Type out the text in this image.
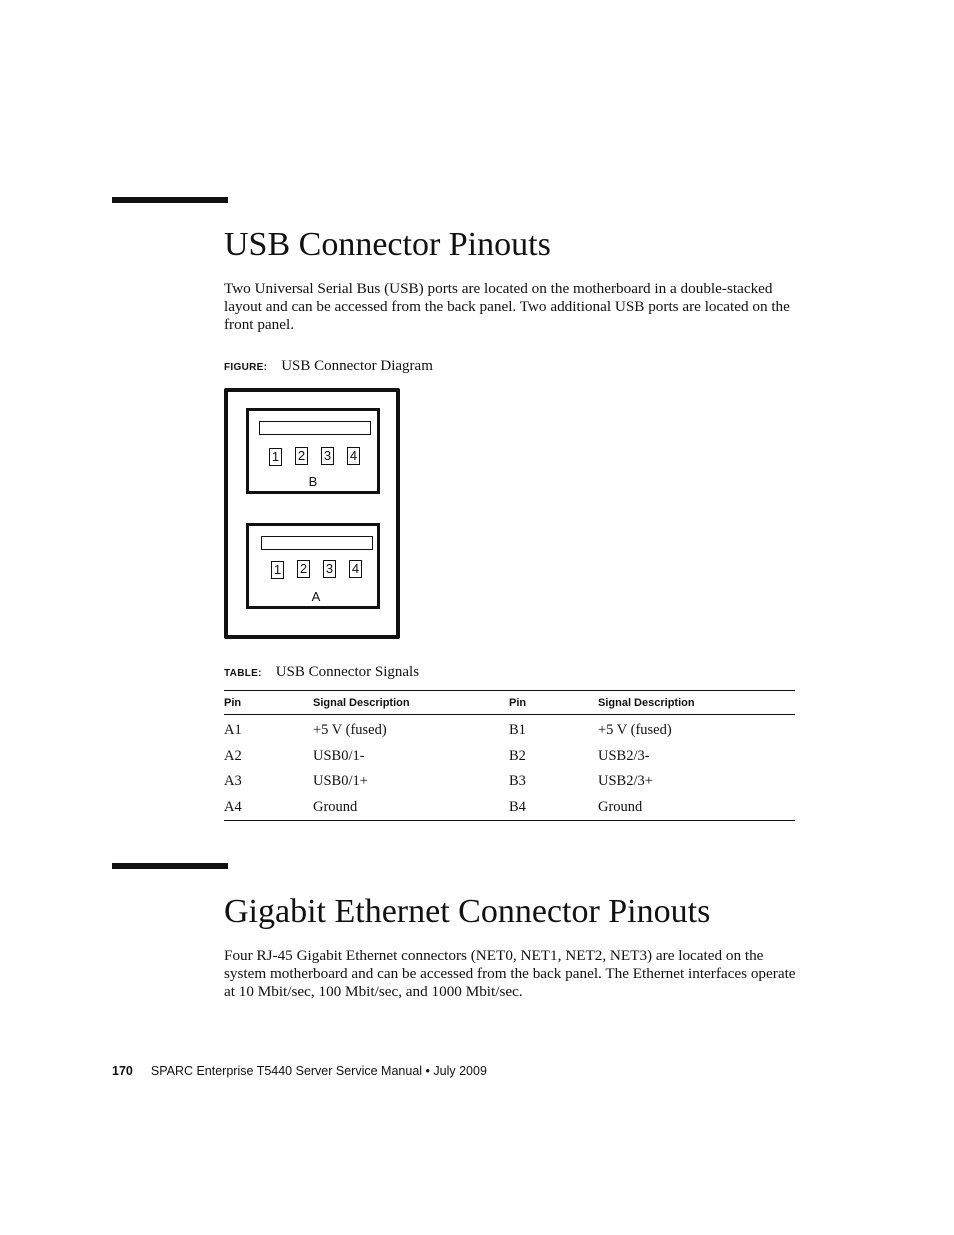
USB Connector Pinouts

Two Universal Serial Bus (USB) ports are located on the motherboard in a double-stacked layout and can be accessed from the back panel. Two additional USB ports are located on the front panel.

FIGURE: USB Connector Diagram
1 2 3 4
B
1 2 3 4
A
TABLE: USB Connector Signals
Pin	Signal Description	Pin	Signal Description
A1	+5 V (fused)	B1	+5 V (fused)
A2	USB0/1-	B2	USB2/3-
A3	USB0/1+	B3	USB2/3+
A4	Ground	B4	Ground
Gigabit Ethernet Connector Pinouts

Four RJ-45 Gigabit Ethernet connectors (NET0, NET1, NET2, NET3) are located on the system motherboard and can be accessed from the back panel. The Ethernet interfaces operate at 10 Mbit/sec, 100 Mbit/sec, and 1000 Mbit/sec.

170 SPARC Enterprise T5440 Server Service Manual • July 2009
